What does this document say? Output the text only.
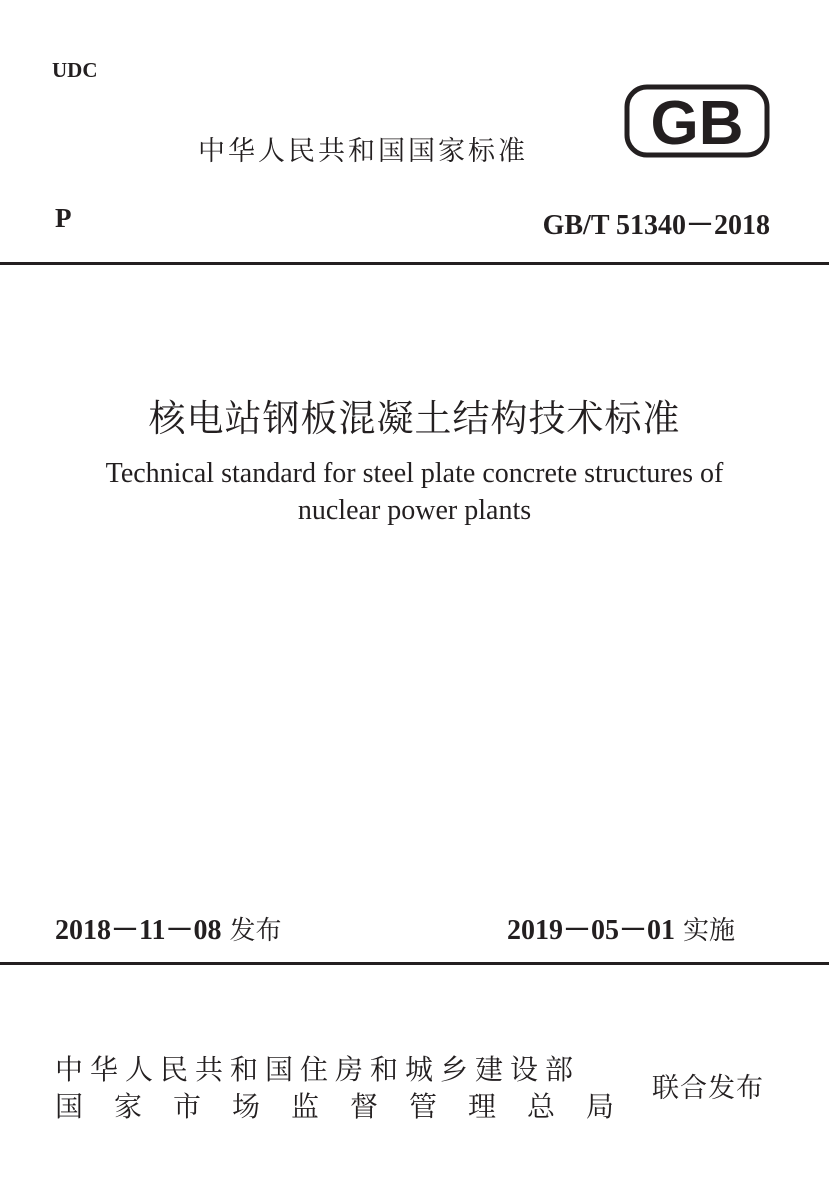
UDC
中华人民共和国国家标准 GB
P	GB/T 51340－2018
核电站钢板混凝土结构技术标准
Technical standard for steel plate concrete structures of
nuclear power plants
2018－11－08 发布	2019－05－01 实施
中华人民共和国住房和城乡建设部
国家市场监督管理总局
联合发布
